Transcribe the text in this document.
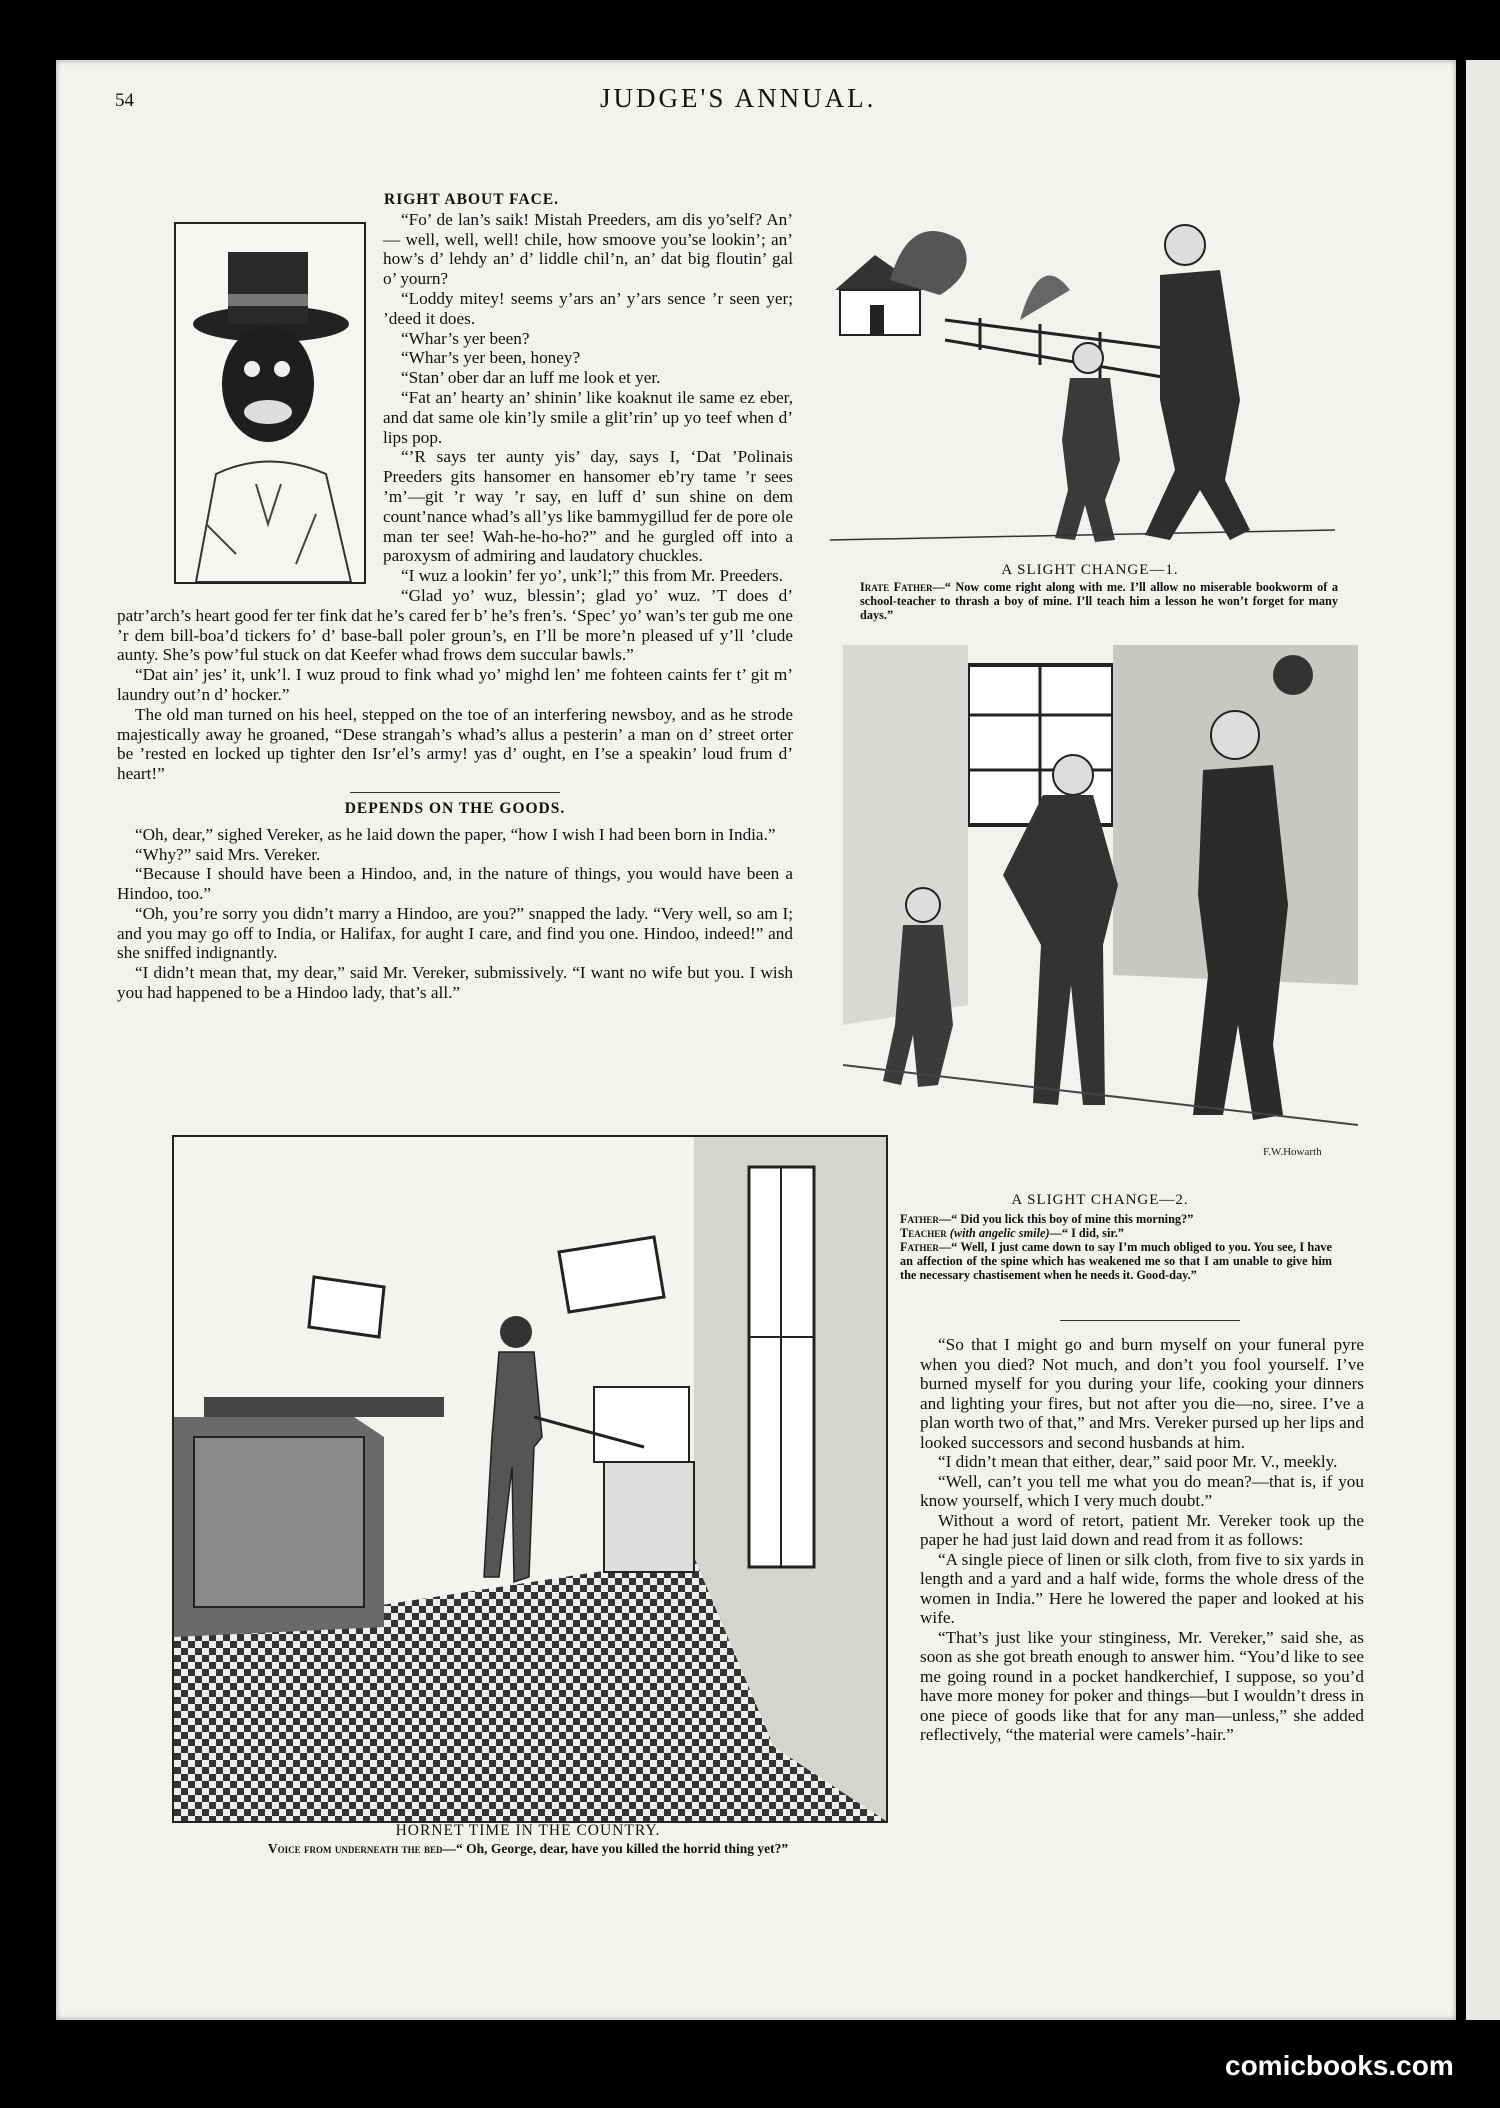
54	JUDGE'S ANNUAL.
RIGHT ABOUT FACE.

“Fo’ de lan’s saik! Mistah Preeders, am dis yo’self? An’ — well, well, well! chile, how smoove you’se lookin’; an’ how’s d’ lehdy an’ d’ liddle chil’n, an’ dat big floutin’ gal o’ yourn?

“Loddy mitey! seems y’ars an’ y’ars sence ’r seen yer; ’deed it does.

“Whar’s yer been?

“Whar’s yer been, honey?

“Stan’ ober dar an luff me look et yer.

“Fat an’ hearty an’ shinin’ like koaknut ile same ez eber, and dat same ole kin’ly smile a glit’rin’ up yo teef when d’ lips pop.

“’R says ter aunty yis’ day, says I, ‘Dat ’Polinais Preeders gits hansomer en hansomer eb’ry tame ’r sees ’m’—git ’r way ’r say, en luff d’ sun shine on dem count’nance whad’s all’ys like bammygillud fer de pore ole man ter see! Wah-he-ho-ho?” and he gurgled off into a paroxysm of admiring and laudatory chuckles.

“I wuz a lookin’ fer yo’, unk’l;” this from Mr. Preeders.

“Glad yo’ wuz, blessin’; glad yo’ wuz. ’T does d’ patr’arch’s heart good fer ter fink dat he’s cared fer b’ he’s fren’s. ‘Spec’ yo’ wan’s ter gub me one ’r dem bill-boa’d tickers fo’ d’ base-ball poler groun’s, en I’ll be more’n pleased uf y’ll ’clude aunty. She’s pow’ful stuck on dat Keefer whad frows dem succular bawls.”

“Dat ain’ jes’ it, unk’l. I wuz proud to fink whad yo’ mighd len’ me fohteen caints fer t’ git m’ laundry out’n d’ hocker.”

The old man turned on his heel, stepped on the toe of an interfering newsboy, and as he strode majestically away he groaned, “Dese strangah’s whad’s allus a pesterin’ a man on d’ street orter be ’rested en locked up tighter den Isr’el’s army! yas d’ ought, en I’se a speakin’ loud frum d’ heart!”

DEPENDS ON THE GOODS.

“Oh, dear,” sighed Vereker, as he laid down the paper, “how I wish I had been born in India.”

“Why?” said Mrs. Vereker.

“Because I should have been a Hindoo, and, in the nature of things, you would have been a Hindoo, too.”

“Oh, you’re sorry you didn’t marry a Hindoo, are you?” snapped the lady. “Very well, so am I; and you may go off to India, or Halifax, for aught I care, and find you one. Hindoo, indeed!” and she sniffed indignantly.

“I didn’t mean that, my dear,” said Mr. Vereker, submissively. “I want no wife but you. I wish you had happened to be a Hindoo lady, that’s all.”

A SLIGHT CHANGE—1.
Irate Father—“ Now come right along with me. I’ll allow no miserable bookworm of a school-teacher to thrash a boy of mine. I’ll teach him a lesson he won’t forget for many days.”
F.W.Howarth
A SLIGHT CHANGE—2.
Father—“ Did you lick this boy of mine this morning?”
Teacher (with angelic smile)—“ I did, sir.”
Father—“ Well, I just came down to say I’m much obliged to you. You see, I have an affection of the spine which has weakened me so that I am unable to give him the necessary chastisement when he needs it. Good-day.”

“So that I might go and burn myself on your funeral pyre when you died? Not much, and don’t you fool yourself. I’ve burned myself for you during your life, cooking your dinners and lighting your fires, but not after you die—no, siree. I’ve a plan worth two of that,” and Mrs. Vereker pursed up her lips and looked successors and second husbands at him.

“I didn’t mean that either, dear,” said poor Mr. V., meekly.

“Well, can’t you tell me what you do mean?—that is, if you know yourself, which I very much doubt.”

Without a word of retort, patient Mr. Vereker took up the paper he had just laid down and read from it as follows:

“A single piece of linen or silk cloth, from five to six yards in length and a yard and a half wide, forms the whole dress of the women in India.” Here he lowered the paper and looked at his wife.

“That’s just like your stinginess, Mr. Vereker,” said she, as soon as she got breath enough to answer him. “You’d like to see me going round in a pocket handkerchief, I suppose, so you’d have more money for poker and things—but I wouldn’t dress in one piece of goods like that for any man—unless,” she added reflectively, “the material were camels’-hair.”

HORNET TIME IN THE COUNTRY.
Voice from underneath the bed—“ Oh, George, dear, have you killed the horrid thing yet?”
comicbooks.com
